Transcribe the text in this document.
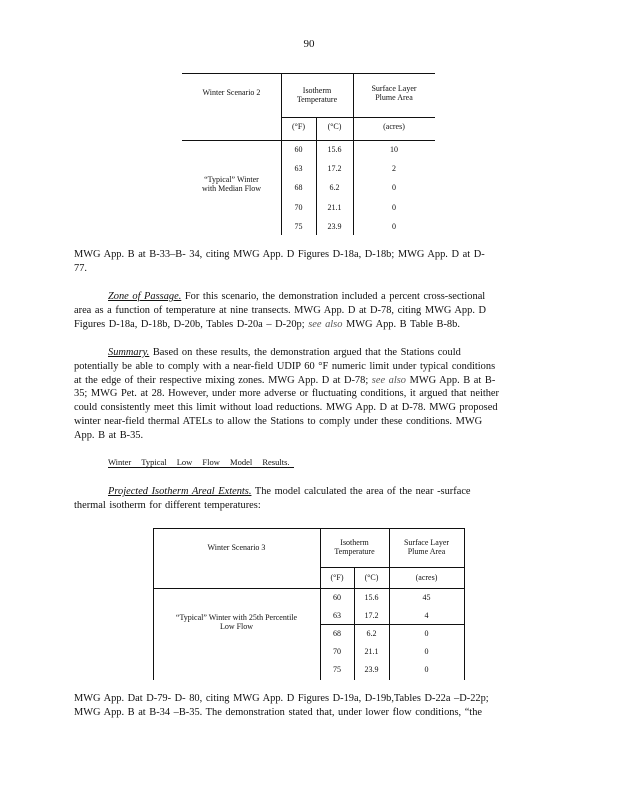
90
Winter Scenario 2	Isotherm
Temperature
Surface Layer
Plume Area
(°F)	(°C)	(acres)
“Typical” Winter
with Median Flow
60	15.6	10
63	17.2	2
68	6.2	0
70	21.1	0
75	23.9	0
MWG App. B at B-33–B- 34, citing MWG App. D Figures D-18a, D-18b; MWG App. D at D-
77.
Zone of Passage. For this scenario, the demonstration included a percent cross-sectional
area as a function of temperature at nine transects. MWG App. D at D-78, citing MWG App. D
Figures D-18a, D-18b, D-20b, Tables D-20a – D-20p; see also MWG App. B Table B-8b.
Summary. Based on these results, the demonstration argued that the Stations could
potentially be able to comply with a near-field UDIP 60 °F numeric limit under typical conditions
at the edge of their respective mixing zones. MWG App. D at D-78; see also MWG App. B at B-
35; MWG Pet. at 28. However, under more adverse or fluctuating conditions, it argued that neither
could consistently meet this limit without load reductions. MWG App. D at D-78. MWG proposed
winter near-field thermal ATELs to allow the Stations to comply under these conditions. MWG
App. B at B-35.
Winter Typical Low Flow Model Results.
Projected Isotherm Areal Extents. The model calculated the area of the near -surface
thermal isotherm for different temperatures:
Winter Scenario 3
Isotherm
Temperature
Surface Layer
Plume Area
(°F)	(°C)	(acres)
“Typical” Winter with 25th Percentile
Low Flow
60	15.6	45
63	17.2	4
68	6.2	0
70	21.1	0
75	23.9	0
MWG App. Dat D-79- D- 80, citing MWG App. D Figures D-19a, D-19b,Tables D-22a –D-22p;
MWG App. B at B-34 –B-35. The demonstration stated that, under lower flow conditions, “the
